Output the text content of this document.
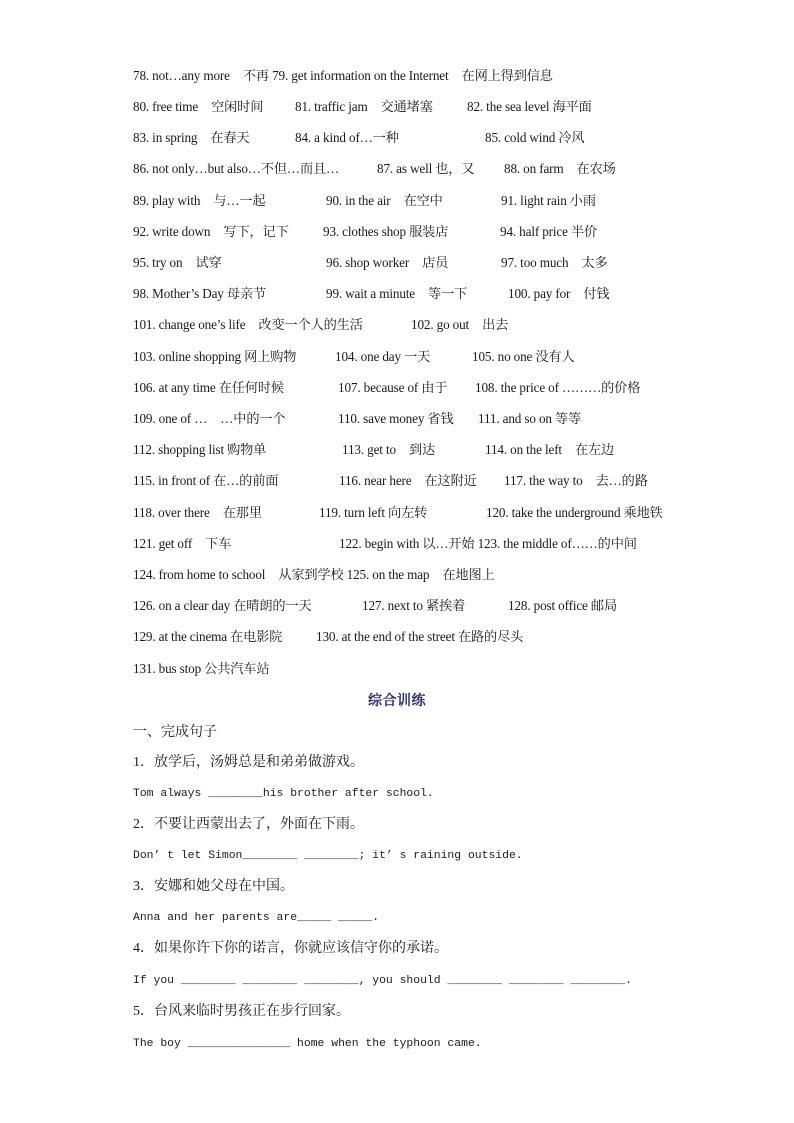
78. not…any more　不再 79. get information on the Internet　在网上得到信息
80. free time　空闲时间 81. traffic jam　交通堵塞	82. the sea level 海平面
83. in spring　在春天	84. a kind of…一种	85. cold wind 冷风
86. not only…but also…不但…而且…	87. as well 也，又 88. on farm　在农场
89. play with　与…一起	90. in the air　在空中	91. light rain 小雨
92. write down　写下，记下	93. clothes shop 服装店	94. half price 半价
95. try on　试穿	96. shop worker　店员	97. too much　太多
98. Mother’s Day 母亲节	99. wait a minute　等一下	100. pay for　付钱
101. change one’s life　改变一个人的生活	102. go out　出去
103. online shopping 网上购物	104. one day 一天	105. no one 没有人
106. at any time 在任何时候	107. because of 由于 108. the price of ………的价格
109. one of …　…中的一个	110. save money 省钱 111. and so on 等等
112. shopping list 购物单	113. get to　到达	114. on the left　在左边
115. in front of 在…的前面	116. near here　在这附近 117. the way to　去…的路
118. over there　在那里	119. turn left 向左转	120. take the underground 乘地铁
121. get off　下车	122. begin with 以…开始 123. the middle of……的中间
124. from home to school　从家到学校 125. on the map　在地图上
126. on a clear day 在晴朗的一天	127. next to 紧挨着	128. post office 邮局
129. at the cinema 在电影院	130. at the end of the street 在路的尽头
131. bus stop 公共汽车站
综合训练
一、完成句子
1．放学后，汤姆总是和弟弟做游戏。
Tom always ________his brother after school.
2．不要让西蒙出去了，外面在下雨。
Don’ t let Simon________ ________; it’ s raining outside.
3．安娜和她父母在中国。
Anna and her parents are_____ _____.
4．如果你许下你的诺言，你就应该信守你的承诺。
If you ________ ________ ________, you should ________ ________ ________.
5．台风来临时男孩正在步行回家。
The boy _______________ home when the typhoon came.
